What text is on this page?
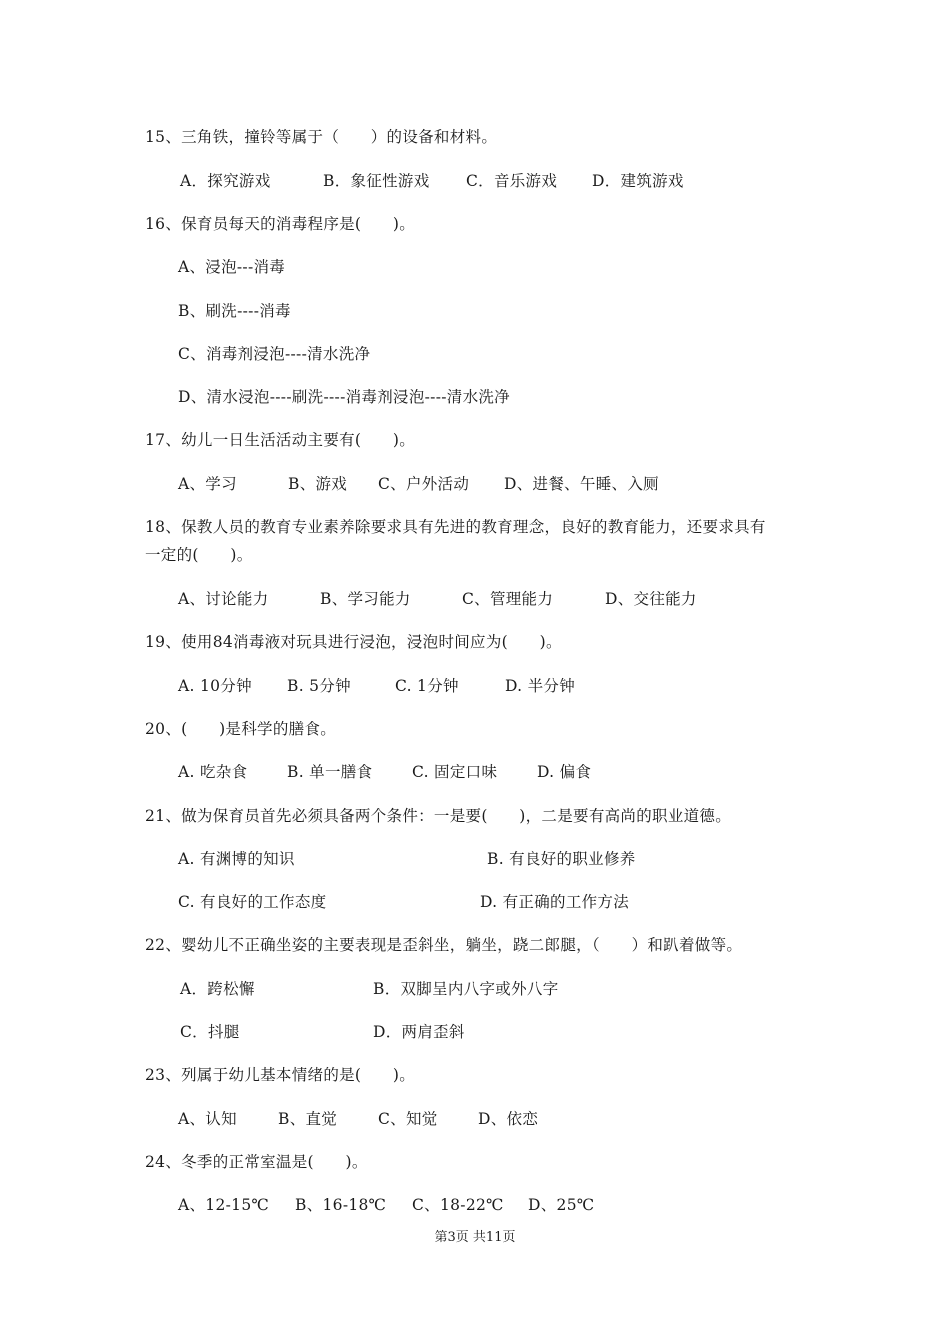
15、三角铁，撞铃等属于（　　）的设备和材料。
A．探究游戏	B．象征性游戏 C．音乐游戏 D．建筑游戏
16、保育员每天的消毒程序是(　　)。
A、浸泡---消毒
B、刷洗----消毒
C、消毒剂浸泡----清水洗净
D、清水浸泡----刷洗----消毒剂浸泡----清水洗净
17、幼儿一日生活活动主要有(　　)。
A、学习	B、游戏 C、户外活动 D、进餐、午睡、入厕
18、保教人员的教育专业素养除要求具有先进的教育理念，良好的教育能力，还要求具有
一定的(　　)。
A、讨论能力	B、学习能力	C、管理能力	D、交往能力
19、使用84消毒液对玩具进行浸泡，浸泡时间应为(　　)。
A. 10分钟 B. 5分钟	C. 1分钟	D. 半分钟
20、(　　)是科学的膳食。
A. 吃杂食	B. 单一膳食	C. 固定口味	D. 偏食
21、做为保育员首先必须具备两个条件：一是要(　　)，二是要有高尚的职业道德。
A. 有渊博的知识	B. 有良好的职业修养
C. 有良好的工作态度	D. 有正确的工作方法
22、婴幼儿不正确坐姿的主要表现是歪斜坐，躺坐，跷二郎腿，（　　）和趴着做等。
A．跨松懈	B．双脚呈内八字或外八字
C．抖腿	D．两肩歪斜
23、列属于幼儿基本情绪的是(　　)。
A、认知	B、直觉	C、知觉	D、依恋
24、冬季的正常室温是(　　)。
A、12-15℃ B、16-18℃ C、18-22℃ D、25℃
第3页 共11页
